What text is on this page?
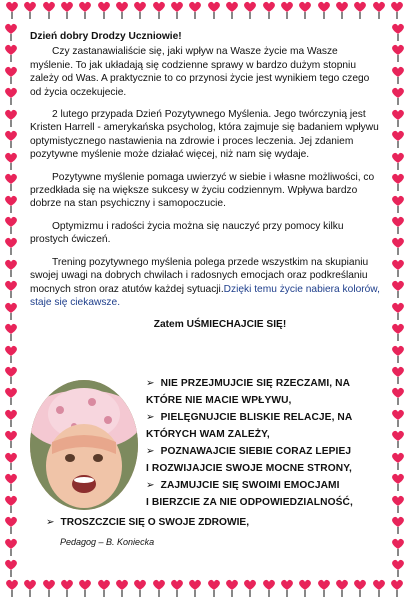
Dzień dobry Drodzy Uczniowie!

Czy zastanawialiście się, jaki wpływ na Wasze życie ma Wasze myślenie. To jak układają się codzienne sprawy w bardzo dużym stopniu zależy od Was. A praktycznie to co przynosi życie jest wynikiem tego czego od życia oczekujecie.

2 lutego przypada Dzień Pozytywnego Myślenia. Jego twórczynią jest Kristen Harrell - amerykańska psycholog, która zajmuje się badaniem wpływu optymistycznego nastawienia na zdrowie i proces leczenia. Jej zdaniem pozytywne myślenie może działać więcej, niż nam się wydaje.

Pozytywne myślenie pomaga uwierzyć w siebie i własne możliwości, co przedkłada się na większe sukcesy w życiu codziennym. Wpływa bardzo dobrze na stan psychiczny i samopoczucie.

Optymizmu i radości życia można się nauczyć przy pomocy kilku prostych ćwiczeń.

Trening pozytywnego myślenia polega przede wszystkim na skupianiu swojej uwagi na dobrych chwilach i radosnych emocjach oraz podkreślaniu mocnych stron oraz atutów każdej sytuacji.Dzięki temu życie nabiera kolorów, staje się ciekawsze.

Zatem UŚMIECHAJCIE SIĘ!
➢ NIE PRZEJMUJCIE SIĘ RZECZAMI, NA
KTÓRE NIE MACIE WPŁYWU,
➢ PIELĘGNUJCIE BLISKIE RELACJE, NA
KTÓRYCH WAM ZALEŻY,
➢ POZNAWAJCIE SIEBIE CORAZ LEPIEJ
I ROZWIJAJCIE SWOJE MOCNE STRONY,
➢ ZAJMUJCIE SIĘ SWOIMI EMOCJAMI
I BIERZCIE ZA NIE ODPOWIEDZIALNOŚĆ,
➢ TROSZCZCIE SIĘ O SWOJE ZDROWIE,
Pedagog – B. Koniecka
